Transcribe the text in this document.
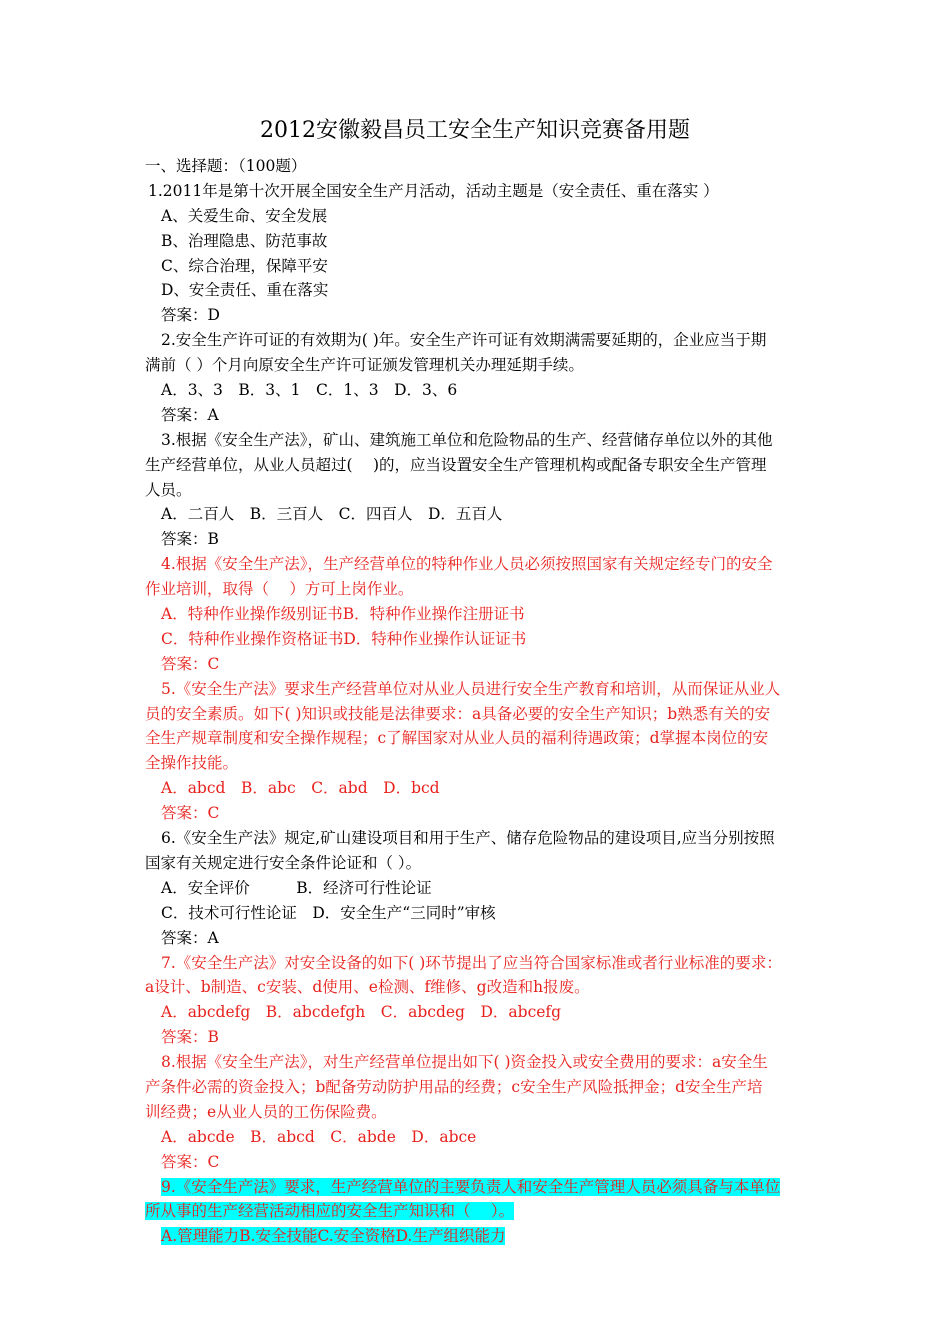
2012安徽毅昌员工安全生产知识竞赛备用题
一、选择题：（100题）
1.2011年是第十次开展全国安全生产月活动，活动主题是（安全责任、重在落实 ）
A、关爱生命、安全发展
B、治理隐患、防范事故
C、综合治理，保障平安
D、安全责任、重在落实
答案：D
2.安全生产许可证的有效期为( )年。安全生产许可证有效期满需要延期的，企业应当于期
满前（ ）个月向原安全生产许可证颁发管理机关办理延期手续。
A．3、3　B．3、1　C．1、3　D．3、6
答案：A
3.根据《安全生产法》，矿山、建筑施工单位和危险物品的生产、经营储存单位以外的其他
生产经营单位，从业人员超过(　 )的，应当设置安全生产管理机构或配备专职安全生产管理
人员。
A．二百人　B．三百人　C．四百人　D．五百人
答案：B
4.根据《安全生产法》，生产经营单位的特种作业人员必须按照国家有关规定经专门的安全
作业培训，取得（　 ）方可上岗作业。
A．特种作业操作级别证书B．特种作业操作注册证书
C．特种作业操作资格证书D．特种作业操作认证证书
答案：C
5.《安全生产法》要求生产经营单位对从业人员进行安全生产教育和培训，从而保证从业人
员的安全素质。如下( )知识或技能是法律要求：a具备必要的安全生产知识；b熟悉有关的安
全生产规章制度和安全操作规程；c了解国家对从业人员的福利待遇政策；d掌握本岗位的安
全操作技能。
A．abcd　B．abc　C．abd　D．bcd
答案：C
6.《安全生产法》规定,矿山建设项目和用于生产、储存危险物品的建设项目,应当分别按照
国家有关规定进行安全条件论证和（ ）。
A．安全评价　　　B．经济可行性论证
C．技术可行性论证　D．安全生产“三同时”审核
答案：A
7.《安全生产法》对安全设备的如下( )环节提出了应当符合国家标准或者行业标准的要求：
a设计、b制造、c安装、d使用、e检测、f维修、g改造和h报废。
A．abcdefg　B．abcdefgh　C．abcdeg　D．abcefg
答案：B
8.根据《安全生产法》，对生产经营单位提出如下( )资金投入或安全费用的要求：a安全生
产条件必需的资金投入；b配备劳动防护用品的经费；c安全生产风险抵押金；d安全生产培
训经费；e从业人员的工伤保险费。
A．abcde　B．abcd　C．abde　D．abce
答案：C
9.《安全生产法》要求，生产经营单位的主要负责人和安全生产管理人员必须具备与本单位
所从事的生产经营活动相应的安全生产知识和（　 ）。
A.管理能力B.安全技能C.安全资格D.生产组织能力
